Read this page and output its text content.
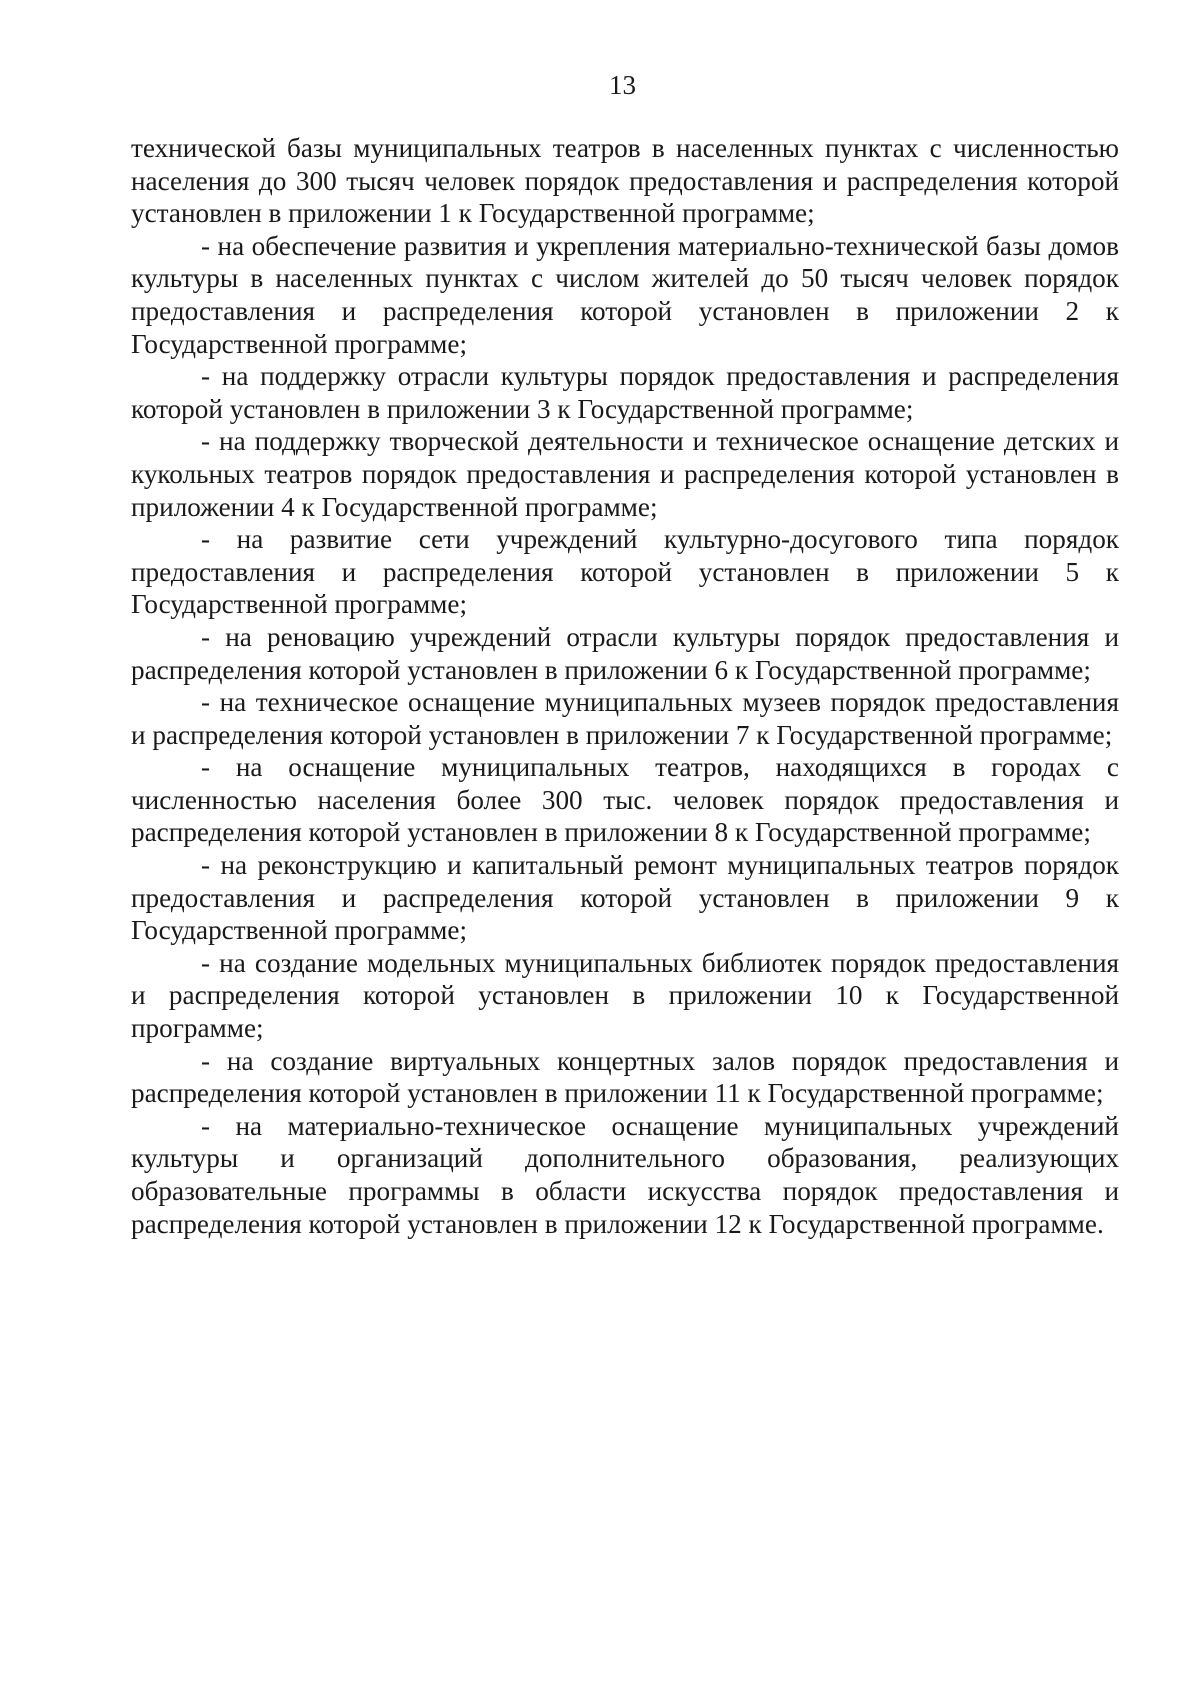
13

технической базы муниципальных театров в населенных пунктах с численностью населения до 300 тысяч человек порядок предоставления и распределения которой установлен в приложении 1 к Государственной программе;

- на обеспечение развития и укрепления материально-технической базы домов культуры в населенных пунктах с числом жителей до 50 тысяч человек порядок предоставления и распределения которой установлен в приложении 2 к Государственной программе;

- на поддержку отрасли культуры порядок предоставления и распределения которой установлен в приложении 3 к Государственной программе;

- на поддержку творческой деятельности и техническое оснащение детских и кукольных театров порядок предоставления и распределения которой установлен в приложении 4 к Государственной программе;

- на развитие сети учреждений культурно-досугового типа порядок предоставления и распределения которой установлен в приложении 5 к Государственной программе;

- на реновацию учреждений отрасли культуры порядок предоставления и распределения которой установлен в приложении 6 к Государственной программе;

- на техническое оснащение муниципальных музеев порядок предоставления и распределения которой установлен в приложении 7 к Государственной программе;

- на оснащение муниципальных театров, находящихся в городах с численностью населения более 300 тыс. человек порядок предоставления и распределения которой установлен в приложении 8 к Государственной программе;

- на реконструкцию и капитальный ремонт муниципальных театров порядок предоставления и распределения которой установлен в приложении 9 к Государственной программе;

- на создание модельных муниципальных библиотек порядок предоставления и распределения которой установлен в приложении 10 к Государственной программе;

- на создание виртуальных концертных залов порядок предоставления и распределения которой установлен в приложении 11 к Государственной программе;

- на материально-техническое оснащение муниципальных учреждений культуры и организаций дополнительного образования, реализующих образовательные программы в области искусства порядок предоставления и распределения которой установлен в приложении 12 к Государственной программе.
